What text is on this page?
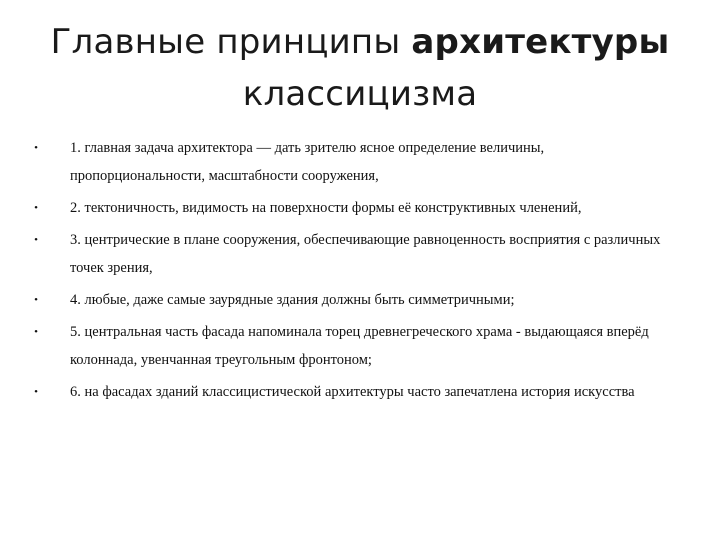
Главные принципы архитектуры
классицизма
• 1. главная задача архитектора — дать зрителю ясное определение величины, пропорциональности, масштабности сооружения,
• 2. тектоничность, видимость на поверхности формы её конструктивных членений,
• 3. центрические в плане сооружения, обеспечивающие равноценность восприятия с различных точек зрения,
• 4. любые, даже самые заурядные здания должны быть симметричными;
• 5. центральная часть фасада напоминала торец древнегреческого храма - выдающаяся вперёд колоннада, увенчанная треугольным фронтоном;
• 6. на фасадах зданий классицистической архитектуры часто запечатлена история искусства
